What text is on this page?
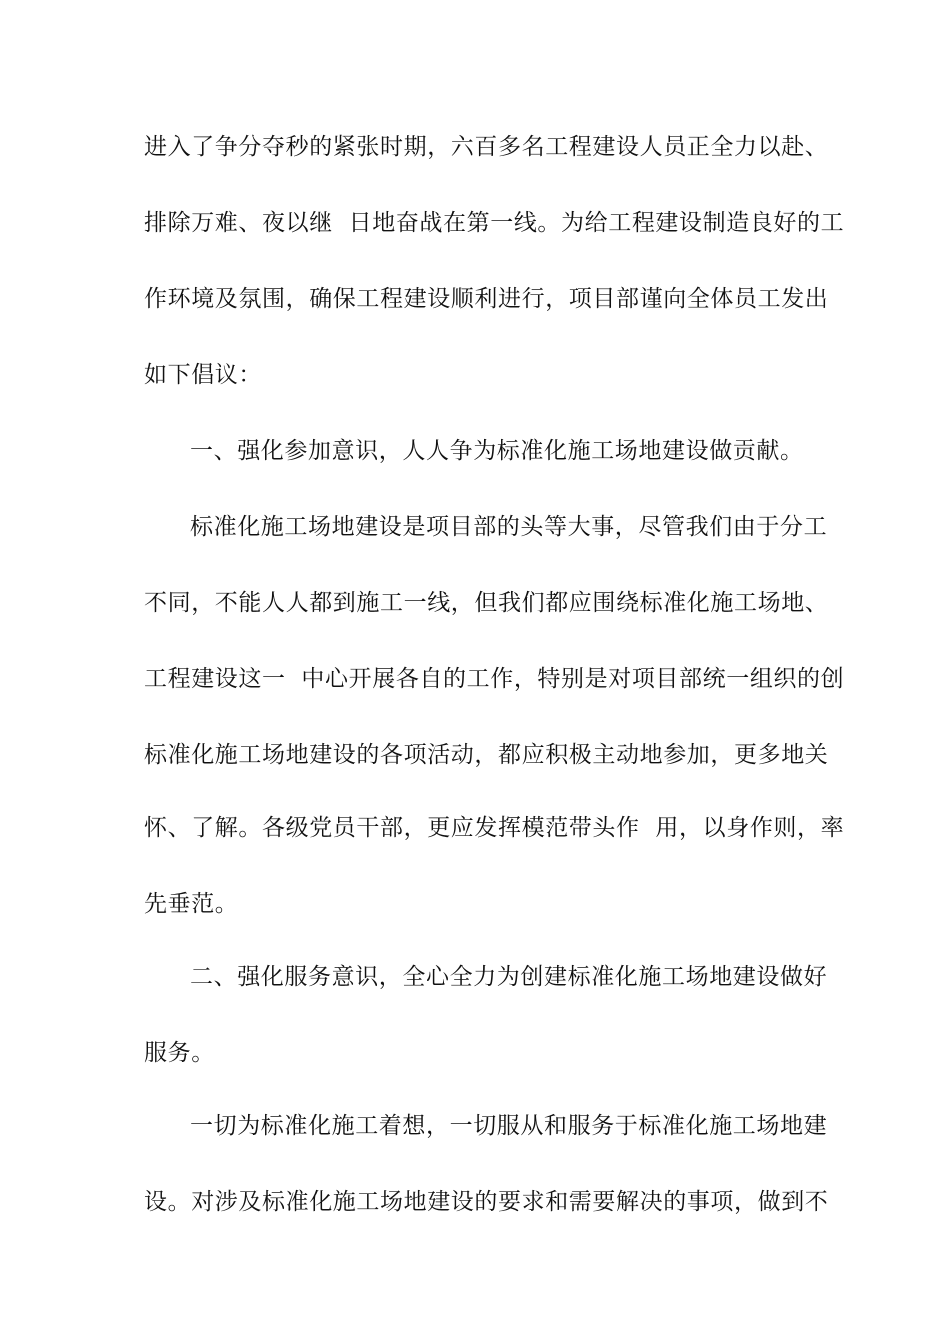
进入了争分夺秒的紧张时期，六百多名工程建设人员正全力以赴、
排除万难、夜以继  日地奋战在第一线。为给工程建设制造良好的工
作环境及氛围，确保工程建设顺利进行，项目部谨向全体员工发出
如下倡议：
一、强化参加意识，人人争为标准化施工场地建设做贡献。
标准化施工场地建设是项目部的头等大事，尽管我们由于分工
不同，不能人人都到施工一线，但我们都应围绕标准化施工场地、
工程建设这一  中心开展各自的工作，特别是对项目部统一组织的创
标准化施工场地建设的各项活动，都应积极主动地参加，更多地关
怀、了解。各级党员干部，更应发挥模范带头作  用，以身作则，率
先垂范。
二、强化服务意识，全心全力为创建标准化施工场地建设做好
服务。
一切为标准化施工着想，一切服从和服务于标准化施工场地建
设。对涉及标准化施工场地建设的要求和需要解决的事项，做到不
